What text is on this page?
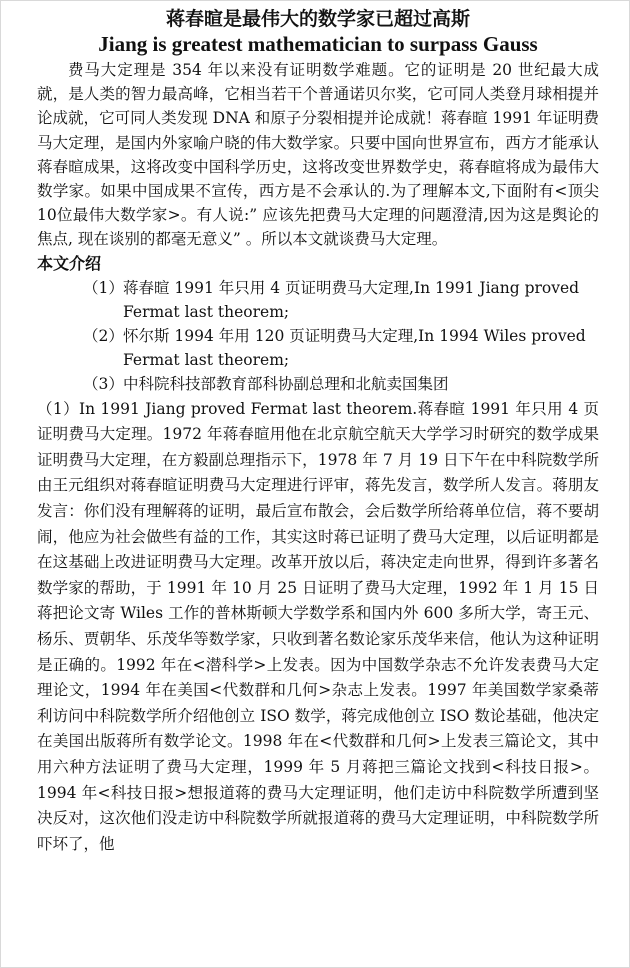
蒋春暄是最伟大的数学家已超过高斯
Jiang is greatest mathematician to surpass Gauss

费马大定理是 354 年以来没有证明数学难题。它的证明是 20 世纪最大成就，是人类的智力最高峰，它相当若干个普通诺贝尔奖，它可同人类登月球相提并论成就，它可同人类发现 DNA 和原子分裂相提并论成就！蒋春暄 1991 年证明费马大定理，是国内外家喻户晓的伟大数学家。只要中国向世界宣布，西方才能承认蒋春暄成果，这将改变中国科学历史，这将改变世界数学史，蒋春暄将成为最伟大数学家。如果中国成果不宣传，西方是不会承认的.为了理解本文,下面附有<顶尖10位最伟大数学家>。有人说:” 应该先把费马大定理的问题澄清,因为这是舆论的焦点, 现在谈别的都毫无意义” 。所以本文就谈费马大定理。

本文介绍
（1）蒋春暄 1991 年只用 4 页证明费马大定理,In 1991 Jiang proved Fermat last theorem;
（2）怀尔斯 1994 年用 120 页证明费马大定理,In 1994 Wiles proved Fermat last theorem;
（3）中科院科技部教育部科协副总理和北航卖国集团

（1）In 1991 Jiang proved Fermat last theorem.蒋春暄 1991 年只用 4 页证明费马大定理。1972 年蒋春暄用他在北京航空航天大学学习时研究的数学成果证明费马大定理，在方毅副总理指示下，1978 年 7 月 19 日下午在中科院数学所由王元组织对蒋春暄证明费马大定理进行评审，蒋先发言，数学所人发言。蒋朋友发言：你们没有理解蒋的证明，最后宣布散会，会后数学所给蒋单位信，蒋不要胡闹，他应为社会做些有益的工作，其实这时蒋已证明了费马大定理，以后证明都是在这基础上改进证明费马大定理。改革开放以后，蒋决定走向世界，得到许多著名数学家的帮助，于 1991 年 10 月 25 日证明了费马大定理，1992 年 1 月 15 日蒋把论文寄 Wiles 工作的普林斯顿大学数学系和国内外 600 多所大学，寄王元、杨乐、贾朝华、乐茂华等数学家，只收到著名数论家乐茂华来信，他认为这种证明是正确的。1992 年在<潜科学>上发表。因为中国数学杂志不允许发表费马大定理论文，1994 年在美国<代数群和几何>杂志上发表。1997 年美国数学家桑蒂利访问中科院数学所介绍他创立 ISO 数学，蒋完成他创立 ISO 数论基础，他决定在美国出版蒋所有数学论文。1998 年在<代数群和几何>上发表三篇论文，其中用六种方法证明了费马大定理，1999 年 5 月蒋把三篇论文找到<科技日报>。1994 年<科技日报>想报道蒋的费马大定理证明，他们走访中科院数学所遭到坚决反对，这次他们没走访中科院数学所就报道蒋的费马大定理证明，中科院数学所吓坏了，他
